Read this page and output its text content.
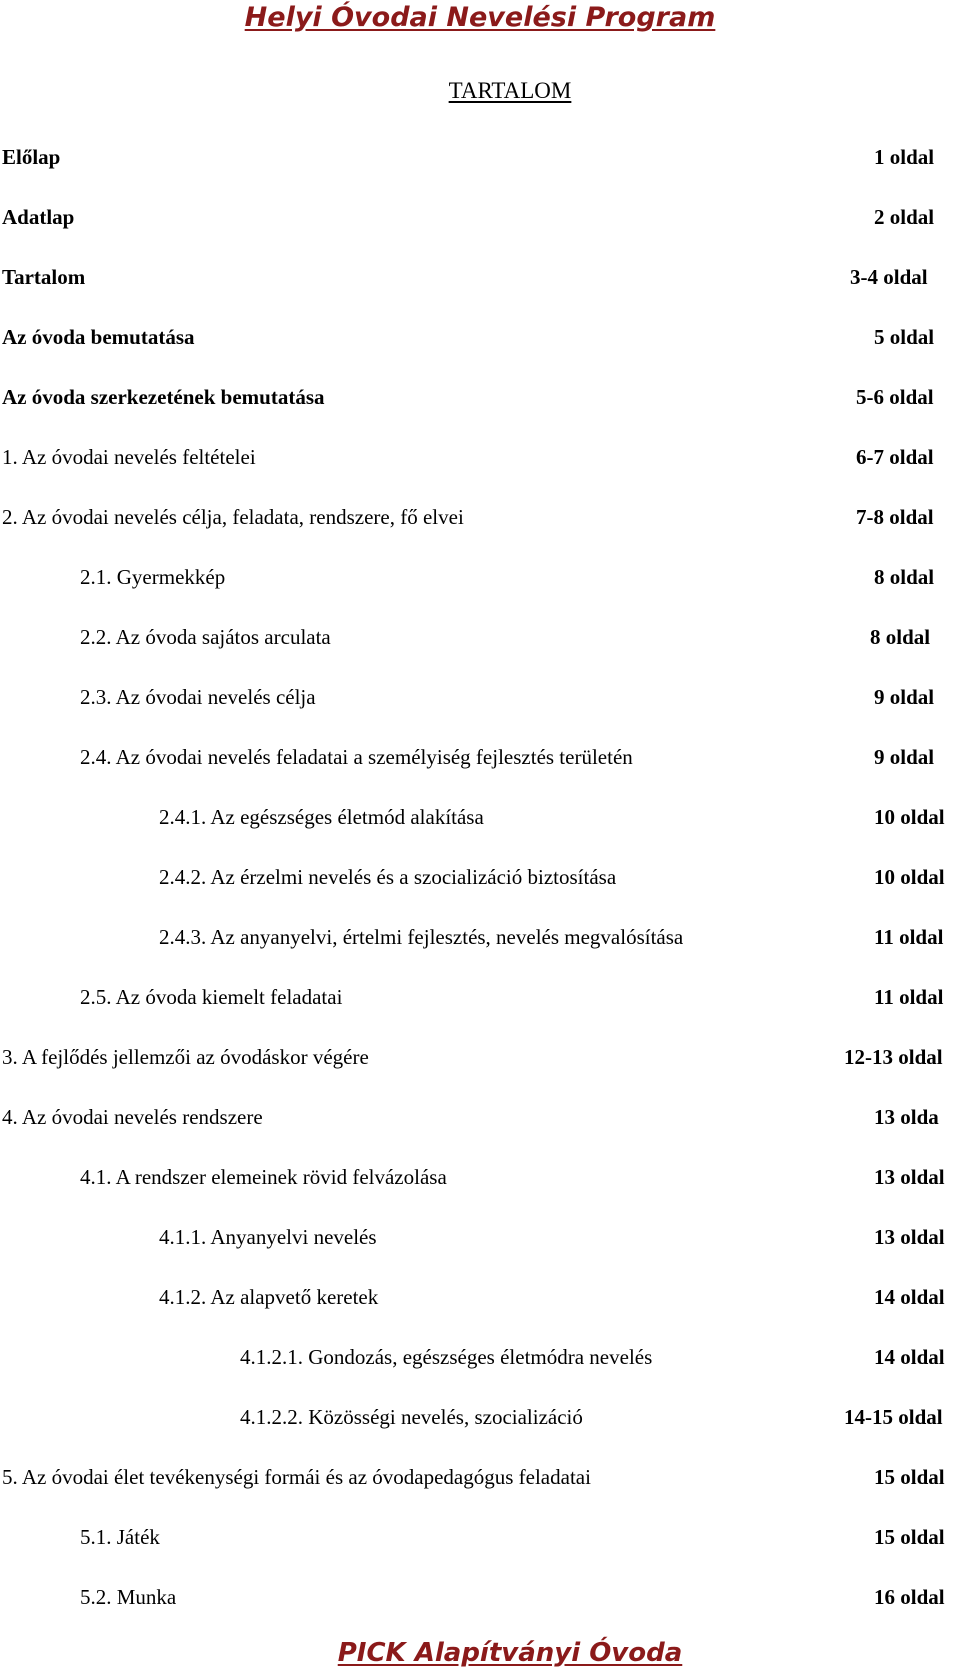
Helyi Óvodai Nevelési Program
TARTALOM
Előlap	1 oldal
Adatlap	2 oldal
Tartalom	3-4 oldal
Az óvoda bemutatása	5 oldal
Az óvoda szerkezetének bemutatása	5-6 oldal
1. Az óvodai nevelés feltételei	6-7 oldal
2. Az óvodai nevelés célja, feladata, rendszere, fő elvei	7-8 oldal
2.1. Gyermekkép	8 oldal
2.2. Az óvoda sajátos arculata	8 oldal
2.3. Az óvodai nevelés célja	9 oldal
2.4. Az óvodai nevelés feladatai a személyiség fejlesztés területén	9 oldal
2.4.1. Az egészséges életmód alakítása	10 oldal
2.4.2. Az érzelmi nevelés és a szocializáció biztosítása	10 oldal
2.4.3. Az anyanyelvi, értelmi fejlesztés, nevelés megvalósítása	11 oldal
2.5. Az óvoda kiemelt feladatai	11 oldal
3. A fejlődés jellemzői az óvodáskor végére	12-13 oldal
4. Az óvodai nevelés rendszere	13 olda
4.1. A rendszer elemeinek rövid felvázolása	13 oldal
4.1.1. Anyanyelvi nevelés	13 oldal
4.1.2. Az alapvető keretek	14 oldal
4.1.2.1. Gondozás, egészséges életmódra nevelés	14 oldal
4.1.2.2. Közösségi nevelés, szocializáció	14-15 oldal
5. Az óvodai élet tevékenységi formái és az óvodapedagógus feladatai	15 oldal
5.1. Játék	15 oldal
5.2. Munka	16 oldal
PICK Alapítványi Óvoda
